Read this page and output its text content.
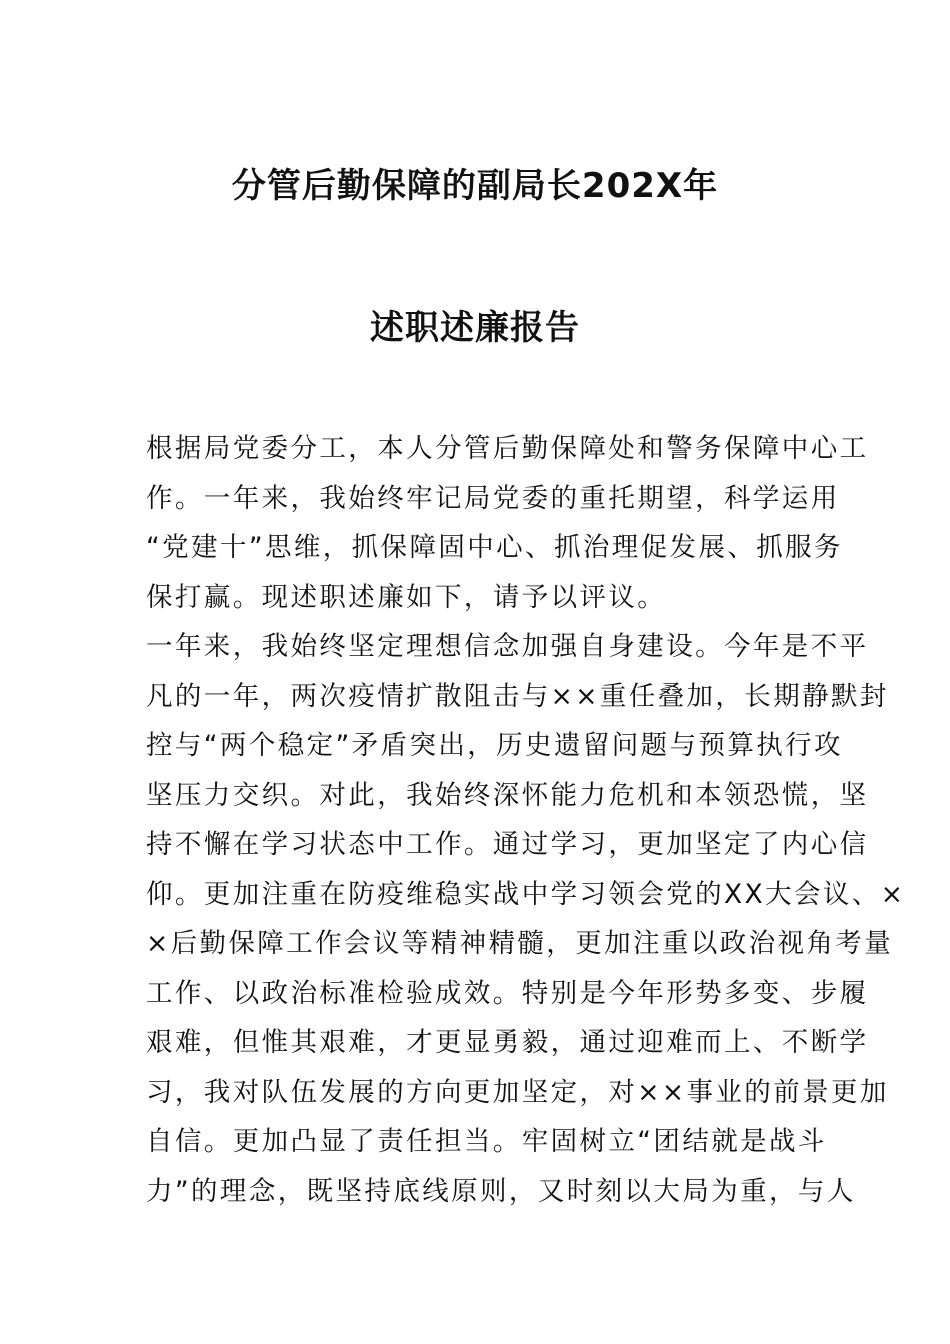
分管后勤保障的副局长202X年
述职述廉报告
根据局党委分工，本人分管后勤保障处和警务保障中心工
作。一年来，我始终牢记局党委的重托期望，科学运用
“党建十”思维，抓保障固中心、抓治理促发展、抓服务
保打赢。现述职述廉如下，请予以评议。
一年来，我始终坚定理想信念加强自身建设。今年是不平
凡的一年，两次疫情扩散阻击与××重任叠加，长期静默封
控与“两个稳定”矛盾突出，历史遗留问题与预算执行攻
坚压力交织。对此，我始终深怀能力危机和本领恐慌，坚
持不懈在学习状态中工作。通过学习，更加坚定了内心信
仰。更加注重在防疫维稳实战中学习领会党的XX大会议、×
×后勤保障工作会议等精神精髓，更加注重以政治视角考量
工作、以政治标准检验成效。特别是今年形势多变、步履
艰难，但惟其艰难，才更显勇毅，通过迎难而上、不断学
习，我对队伍发展的方向更加坚定，对××事业的前景更加
自信。更加凸显了责任担当。牢固树立“团结就是战斗
力”的理念，既坚持底线原则，又时刻以大局为重，与人
